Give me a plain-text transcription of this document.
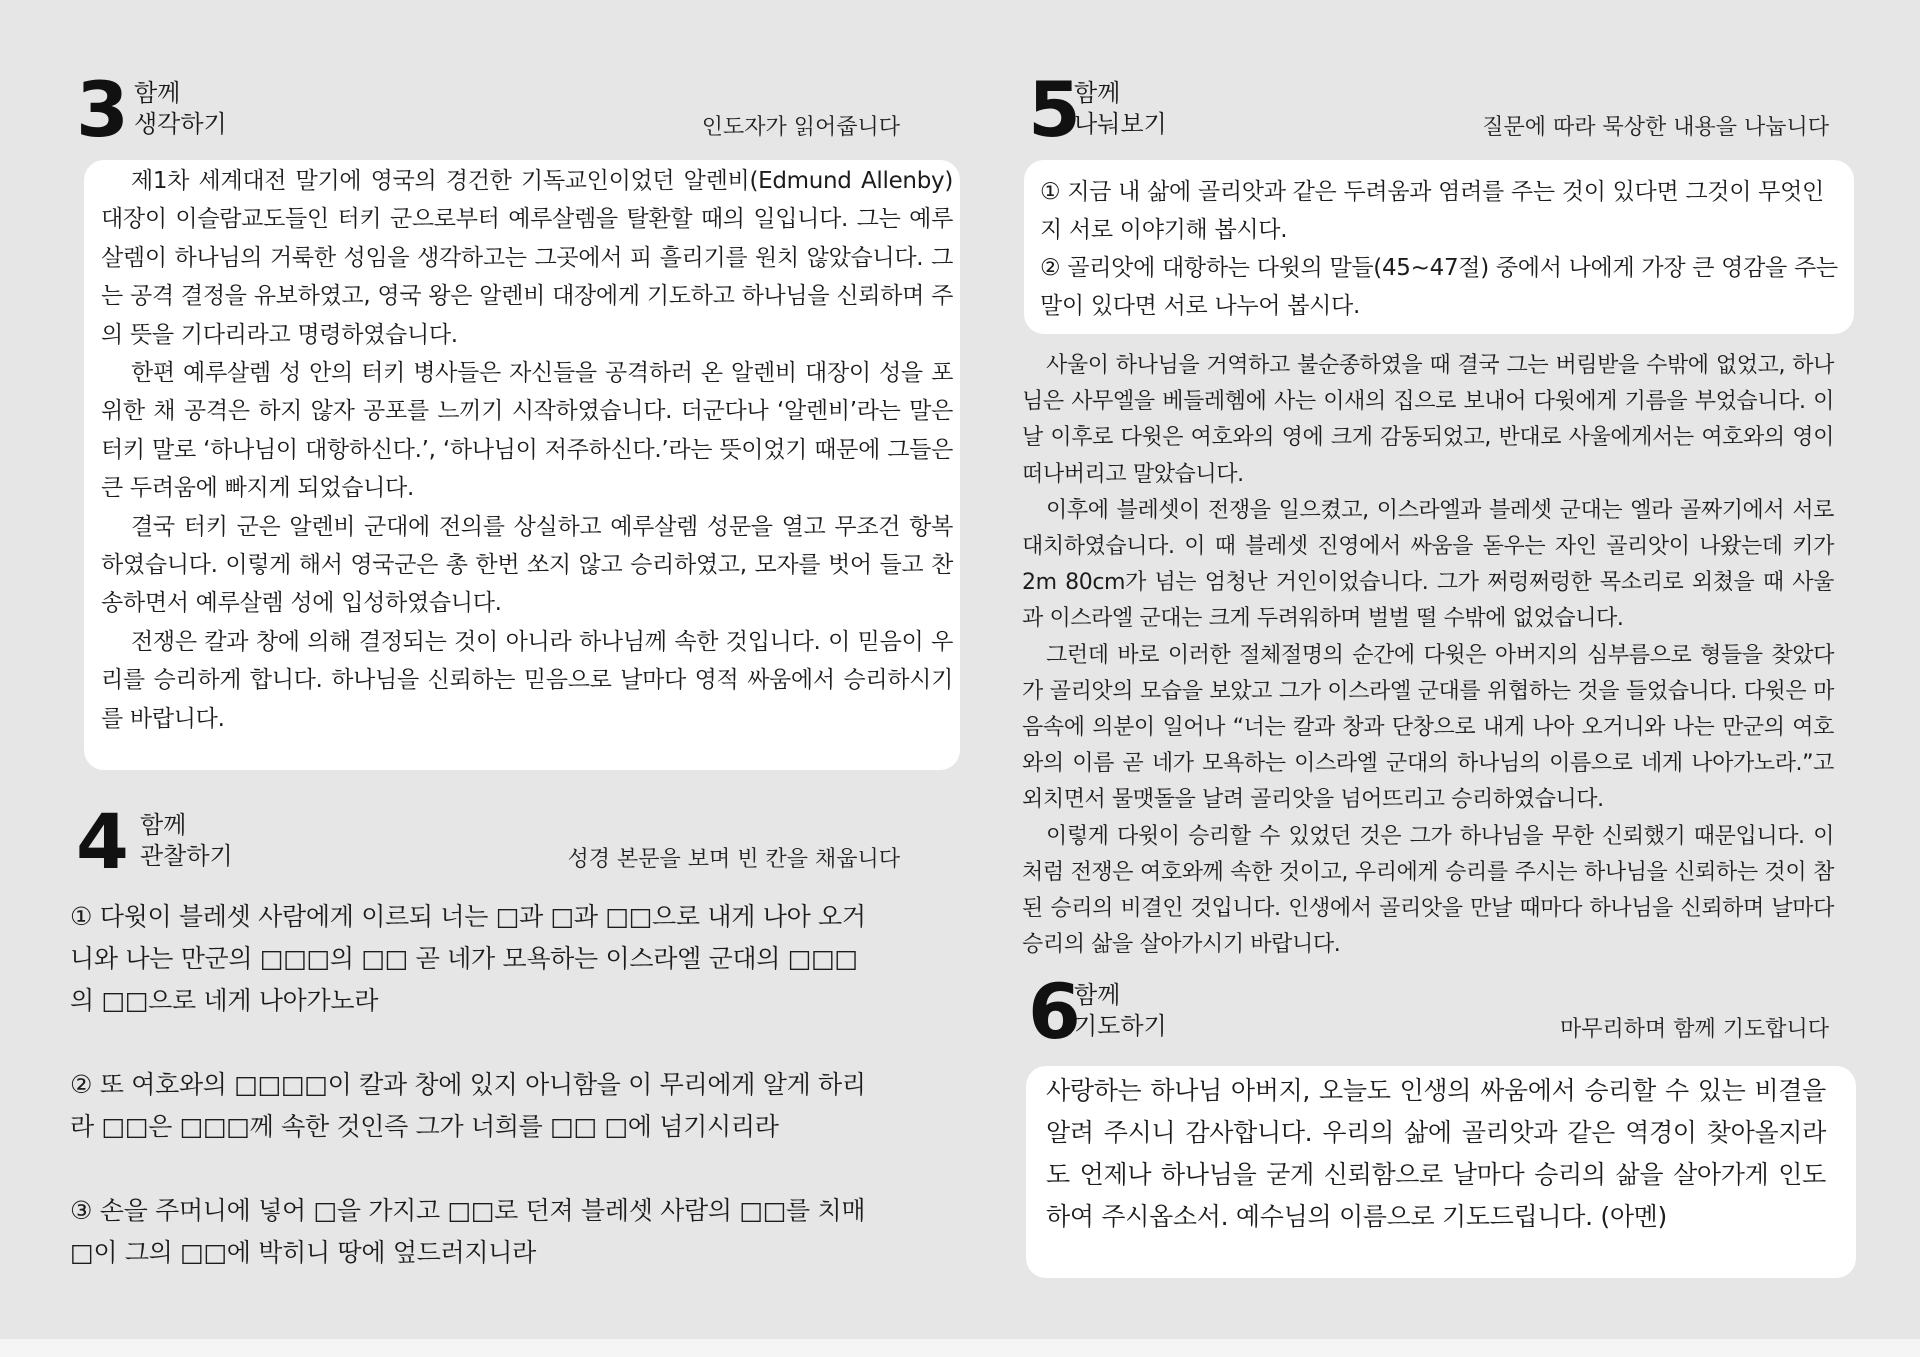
3 함께
생각하기	인도자가 읽어줍니다

제1차 세계대전 말기에 영국의 경건한 기독교인이었던 알렌비(Edmund Allenby) 대장이 이슬람교도들인 터키 군으로부터 예루살렘을 탈환할 때의 일입니다. 그는 예루살렘이 하나님의 거룩한 성임을 생각하고는 그곳에서 피 흘리기를 원치 않았습니다. 그는 공격 결정을 유보하였고, 영국 왕은 알렌비 대장에게 기도하고 하나님을 신뢰하며 주의 뜻을 기다리라고 명령하였습니다.

한편 예루살렘 성 안의 터키 병사들은 자신들을 공격하러 온 알렌비 대장이 성을 포위한 채 공격은 하지 않자 공포를 느끼기 시작하였습니다. 더군다나 ‘알렌비’라는 말은 터키 말로 ‘하나님이 대항하신다.’, ‘하나님이 저주하신다.’라는 뜻이었기 때문에 그들은 큰 두려움에 빠지게 되었습니다.

결국 터키 군은 알렌비 군대에 전의를 상실하고 예루살렘 성문을 열고 무조건 항복하였습니다. 이렇게 해서 영국군은 총 한번 쏘지 않고 승리하였고, 모자를 벗어 들고 찬송하면서 예루살렘 성에 입성하였습니다.

전쟁은 칼과 창에 의해 결정되는 것이 아니라 하나님께 속한 것입니다. 이 믿음이 우리를 승리하게 합니다. 하나님을 신뢰하는 믿음으로 날마다 영적 싸움에서 승리하시기를 바랍니다.

4 함께
관찰하기	성경 본문을 보며 빈 칸을 채웁니다

① 다윗이 블레셋 사람에게 이르되 너는 □과 □과 □□으로 내게 나아 오거니와 나는 만군의 □□□의 □□ 곧 네가 모욕하는 이스라엘 군대의 □□□의 □□으로 네게 나아가노라

② 또 여호와의 □□□□이 칼과 창에 있지 아니함을 이 무리에게 알게 하리라 □□은 □□□께 속한 것인즉 그가 너희를 □□ □에 넘기시리라

③ 손을 주머니에 넣어 □을 가지고 □□로 던져 블레셋 사람의 □□를 치매 □이 그의 □□에 박히니 땅에 엎드러지니라

5
함께
나눠보기	질문에 따라 묵상한 내용을 나눕니다

① 지금 내 삶에 골리앗과 같은 두려움과 염려를 주는 것이 있다면 그것이 무엇인지 서로 이야기해 봅시다.

② 골리앗에 대항하는 다윗의 말들(45~47절) 중에서 나에게 가장 큰 영감을 주는 말이 있다면 서로 나누어 봅시다.

사울이 하나님을 거역하고 불순종하였을 때 결국 그는 버림받을 수밖에 없었고, 하나님은 사무엘을 베들레헴에 사는 이새의 집으로 보내어 다윗에게 기름을 부었습니다. 이 날 이후로 다윗은 여호와의 영에 크게 감동되었고, 반대로 사울에게서는 여호와의 영이 떠나버리고 말았습니다.

이후에 블레셋이 전쟁을 일으켰고, 이스라엘과 블레셋 군대는 엘라 골짜기에서 서로 대치하였습니다. 이 때 블레셋 진영에서 싸움을 돋우는 자인 골리앗이 나왔는데 키가 2m 80cm가 넘는 엄청난 거인이었습니다. 그가 쩌렁쩌렁한 목소리로 외쳤을 때 사울과 이스라엘 군대는 크게 두려워하며 벌벌 떨 수밖에 없었습니다.

그런데 바로 이러한 절체절명의 순간에 다윗은 아버지의 심부름으로 형들을 찾았다가 골리앗의 모습을 보았고 그가 이스라엘 군대를 위협하는 것을 들었습니다. 다윗은 마음속에 의분이 일어나 “너는 칼과 창과 단창으로 내게 나아 오거니와 나는 만군의 여호와의 이름 곧 네가 모욕하는 이스라엘 군대의 하나님의 이름으로 네게 나아가노라.”고 외치면서 물맷돌을 날려 골리앗을 넘어뜨리고 승리하였습니다.

이렇게 다윗이 승리할 수 있었던 것은 그가 하나님을 무한 신뢰했기 때문입니다. 이처럼 전쟁은 여호와께 속한 것이고, 우리에게 승리를 주시는 하나님을 신뢰하는 것이 참된 승리의 비결인 것입니다. 인생에서 골리앗을 만날 때마다 하나님을 신뢰하며 날마다 승리의 삶을 살아가시기 바랍니다.

6
함께
기도하기	마무리하며 함께 기도합니다

사랑하는 하나님 아버지, 오늘도 인생의 싸움에서 승리할 수 있는 비결을 알려 주시니 감사합니다. 우리의 삶에 골리앗과 같은 역경이 찾아올지라도 언제나 하나님을 굳게 신뢰함으로 날마다 승리의 삶을 살아가게 인도하여 주시옵소서. 예수님의 이름으로 기도드립니다. (아멘)
